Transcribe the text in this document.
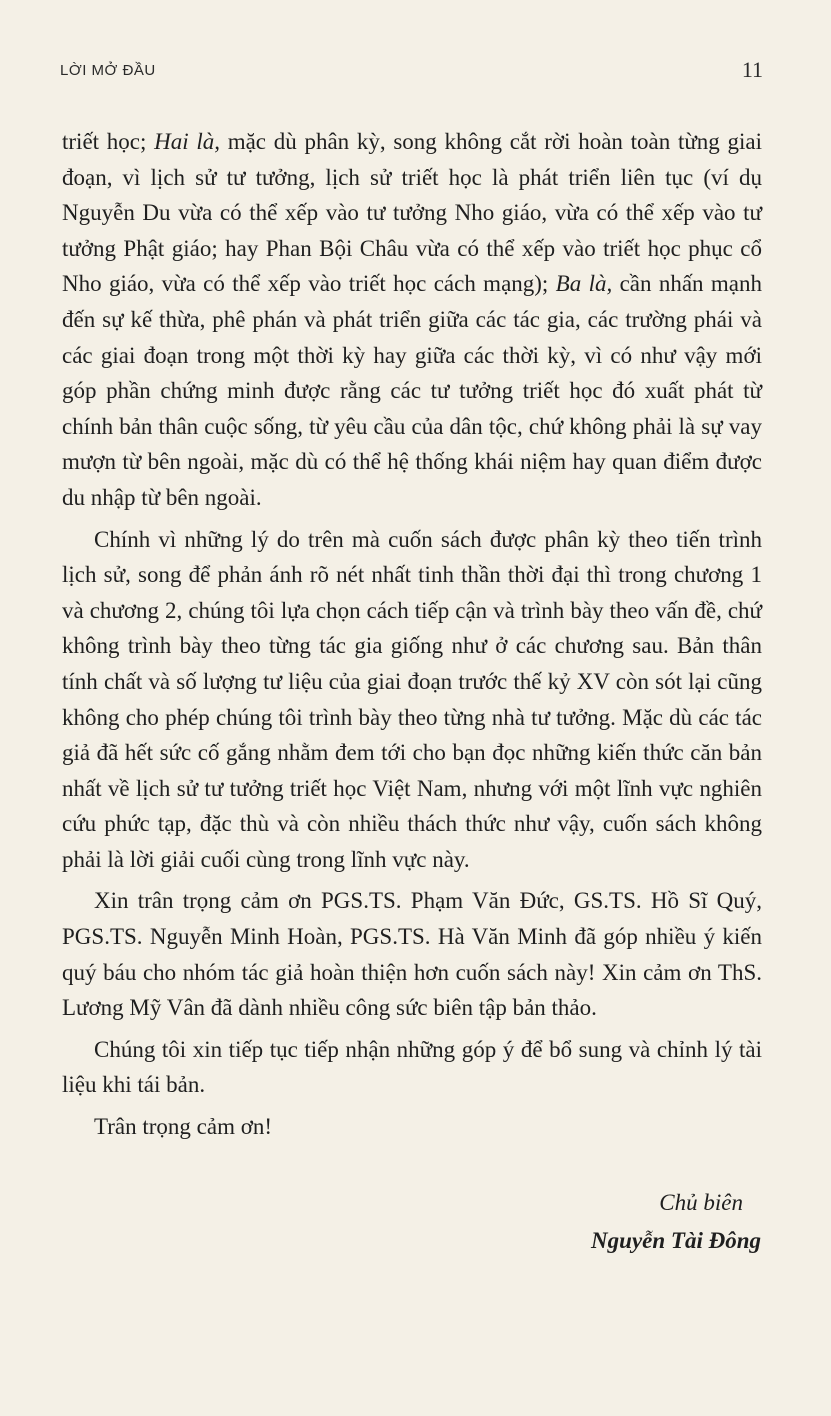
LỜI MỞ ĐẦU	11

triết học; Hai là, mặc dù phân kỳ, song không cắt rời hoàn toàn từng giai đoạn, vì lịch sử tư tưởng, lịch sử triết học là phát triển liên tục (ví dụ Nguyễn Du vừa có thể xếp vào tư tưởng Nho giáo, vừa có thể xếp vào tư tưởng Phật giáo; hay Phan Bội Châu vừa có thể xếp vào triết học phục cổ Nho giáo, vừa có thể xếp vào triết học cách mạng); Ba là, cần nhấn mạnh đến sự kế thừa, phê phán và phát triển giữa các tác gia, các trường phái và các giai đoạn trong một thời kỳ hay giữa các thời kỳ, vì có như vậy mới góp phần chứng minh được rằng các tư tưởng triết học đó xuất phát từ chính bản thân cuộc sống, từ yêu cầu của dân tộc, chứ không phải là sự vay mượn từ bên ngoài, mặc dù có thể hệ thống khái niệm hay quan điểm được du nhập từ bên ngoài.

Chính vì những lý do trên mà cuốn sách được phân kỳ theo tiến trình lịch sử, song để phản ánh rõ nét nhất tinh thần thời đại thì trong chương 1 và chương 2, chúng tôi lựa chọn cách tiếp cận và trình bày theo vấn đề, chứ không trình bày theo từng tác gia giống như ở các chương sau. Bản thân tính chất và số lượng tư liệu của giai đoạn trước thế kỷ XV còn sót lại cũng không cho phép chúng tôi trình bày theo từng nhà tư tưởng. Mặc dù các tác giả đã hết sức cố gắng nhằm đem tới cho bạn đọc những kiến thức căn bản nhất về lịch sử tư tưởng triết học Việt Nam, nhưng với một lĩnh vực nghiên cứu phức tạp, đặc thù và còn nhiều thách thức như vậy, cuốn sách không phải là lời giải cuối cùng trong lĩnh vực này.

Xin trân trọng cảm ơn PGS.TS. Phạm Văn Đức, GS.TS. Hồ Sĩ Quý, PGS.TS. Nguyễn Minh Hoàn, PGS.TS. Hà Văn Minh đã góp nhiều ý kiến quý báu cho nhóm tác giả hoàn thiện hơn cuốn sách này! Xin cảm ơn ThS. Lương Mỹ Vân đã dành nhiều công sức biên tập bản thảo.

Chúng tôi xin tiếp tục tiếp nhận những góp ý để bổ sung và chỉnh lý tài liệu khi tái bản.

Trân trọng cảm ơn!

Chủ biên
Nguyễn Tài Đông
